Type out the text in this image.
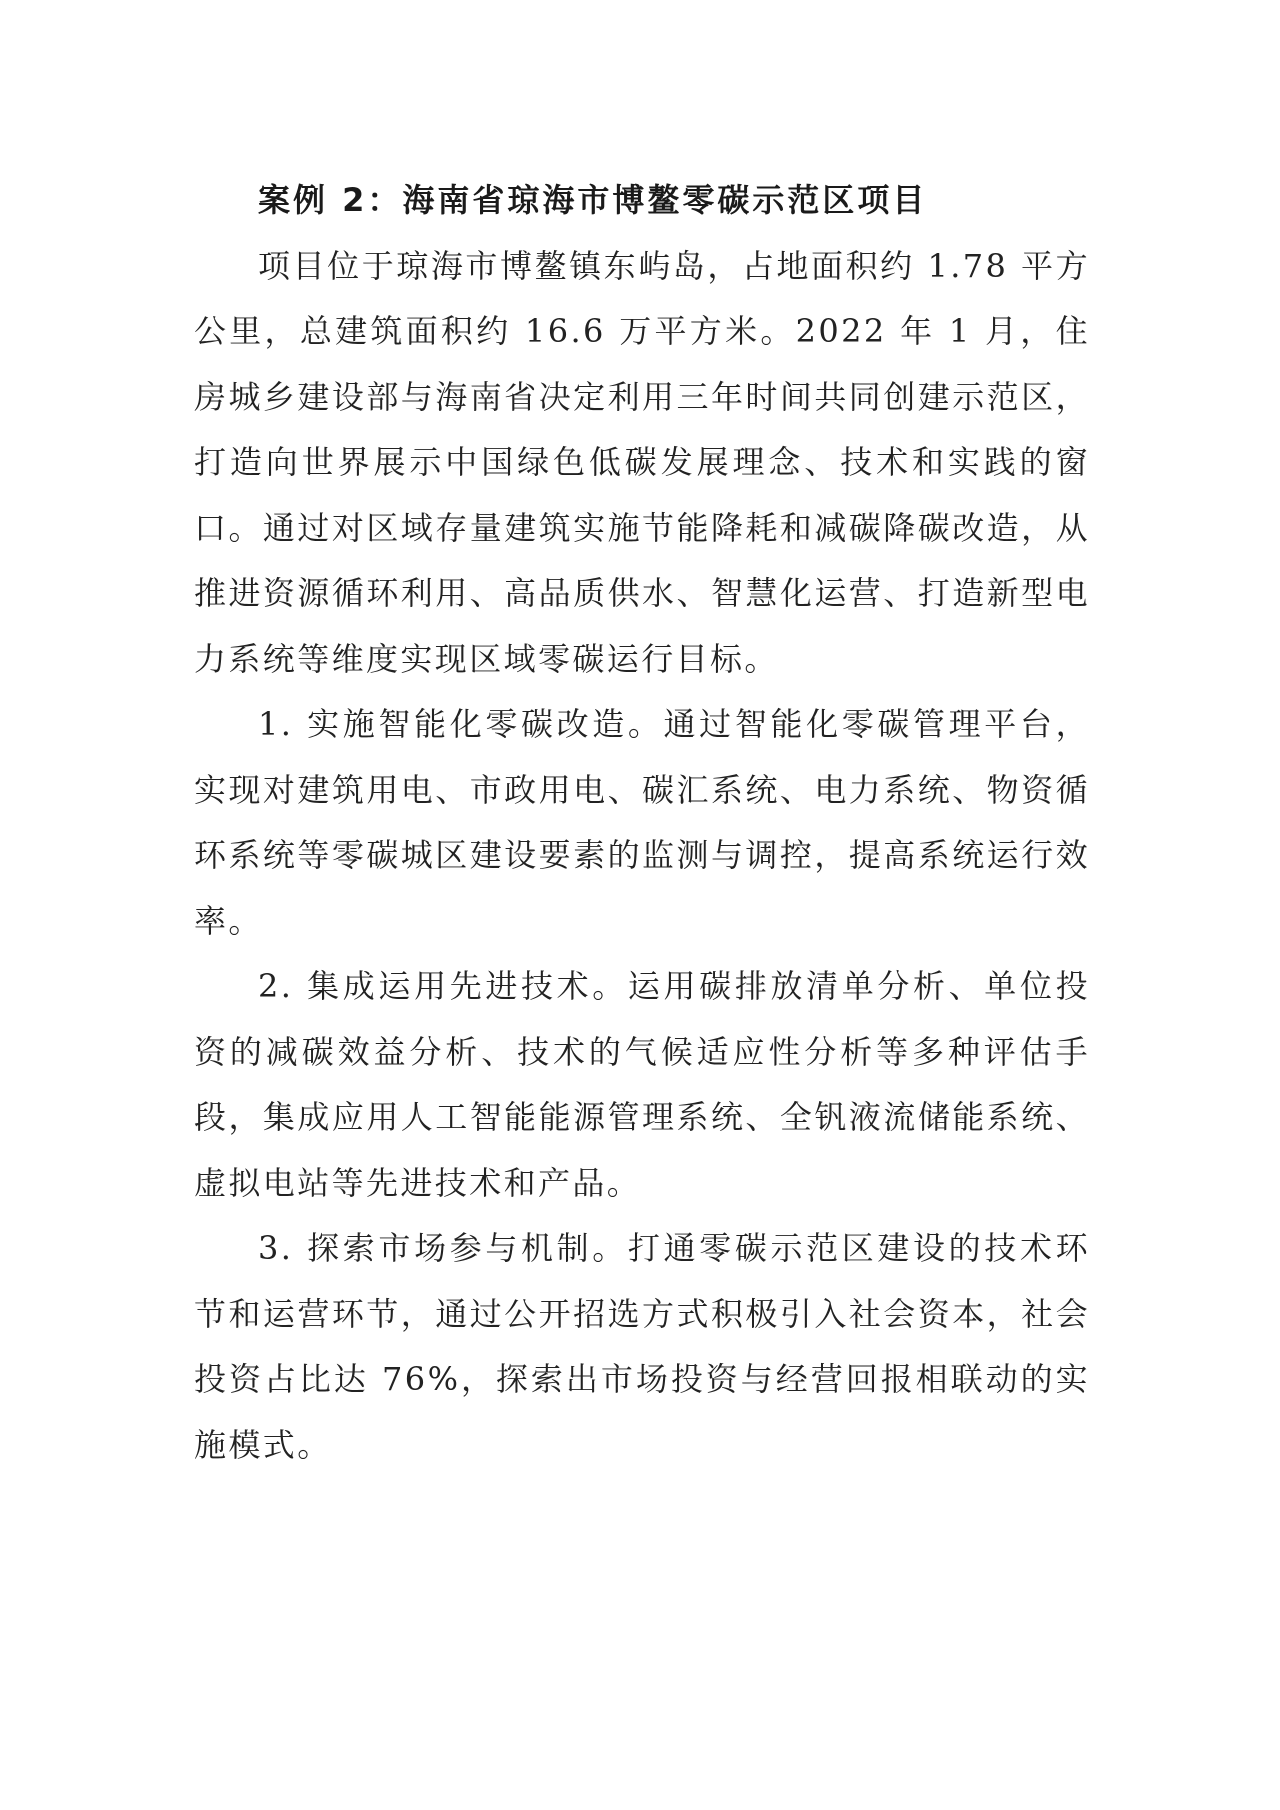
案例 2：海南省琼海市博鳌零碳示范区项目

项目位于琼海市博鳌镇东屿岛，占地面积约 1.78 平方公里，总建筑面积约 16.6 万平方米。2022 年 1 月，住房城乡建设部与海南省决定利用三年时间共同创建示范区，打造向世界展示中国绿色低碳发展理念、技术和实践的窗口。通过对区域存量建筑实施节能降耗和减碳降碳改造，从推进资源循环利用、高品质供水、智慧化运营、打造新型电力系统等维度实现区域零碳运行目标。

1. 实施智能化零碳改造。通过智能化零碳管理平台，实现对建筑用电、市政用电、碳汇系统、电力系统、物资循环系统等零碳城区建设要素的监测与调控，提高系统运行效率。

2. 集成运用先进技术。运用碳排放清单分析、单位投资的减碳效益分析、技术的气候适应性分析等多种评估手段，集成应用人工智能能源管理系统、全钒液流储能系统、虚拟电站等先进技术和产品。

3. 探索市场参与机制。打通零碳示范区建设的技术环节和运营环节，通过公开招选方式积极引入社会资本，社会投资占比达 76%，探索出市场投资与经营回报相联动的实施模式。
